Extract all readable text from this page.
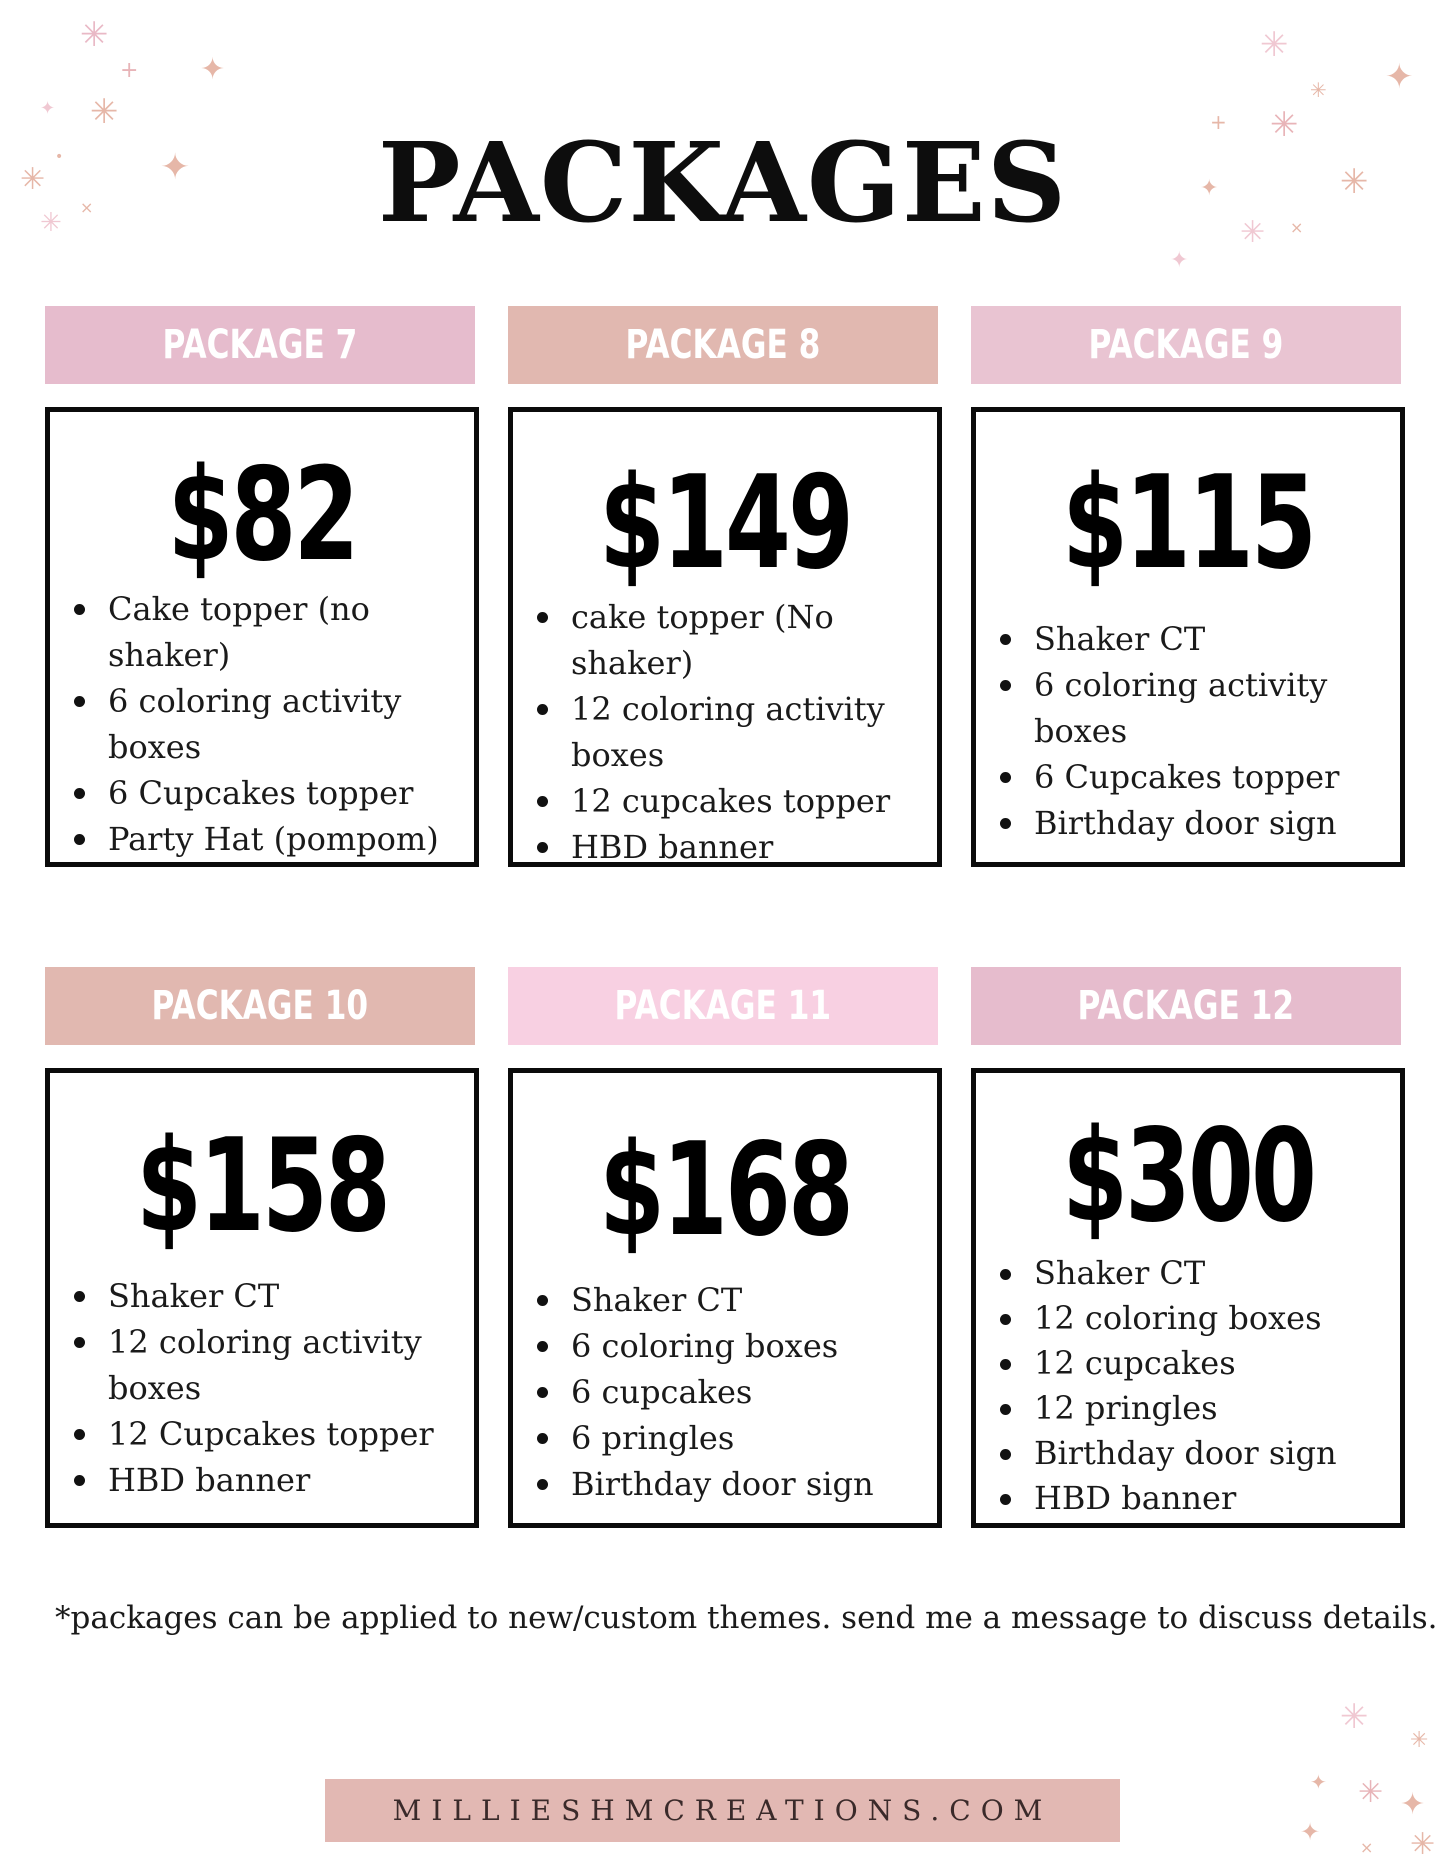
✳
✦
+
✳
✦
✦
✳
×
✳
•
✳
✦
✳
✳
+
✳
✦
✳ ×
✦
✳
✳
✦ ✳ ✦
✦	✳
×
PACKAGES
PACKAGE 7	PACKAGE 8	PACKAGE 9
$82
Cake topper (no shaker)
6 coloring activity boxes
6 Cupcakes topper
Party Hat (pompom)
$149
cake topper (No shaker)
12 coloring activity boxes
12 cupcakes topper
HBD banner
$115
Shaker CT
6 coloring activity boxes
6 Cupcakes topper
Birthday door sign
PACKAGE 10	PACKAGE 11	PACKAGE 12
$158
Shaker CT
12 coloring activity boxes
12 Cupcakes topper
HBD banner
$168
Shaker CT
6 coloring boxes
6 cupcakes
6 pringles
Birthday door sign
$300
Shaker CT
12 coloring boxes
12 cupcakes
12 pringles
Birthday door sign
HBD banner
*packages can be applied to new/custom themes. send me a message to discuss details.
MILLIESHMCREATIONS.COM
